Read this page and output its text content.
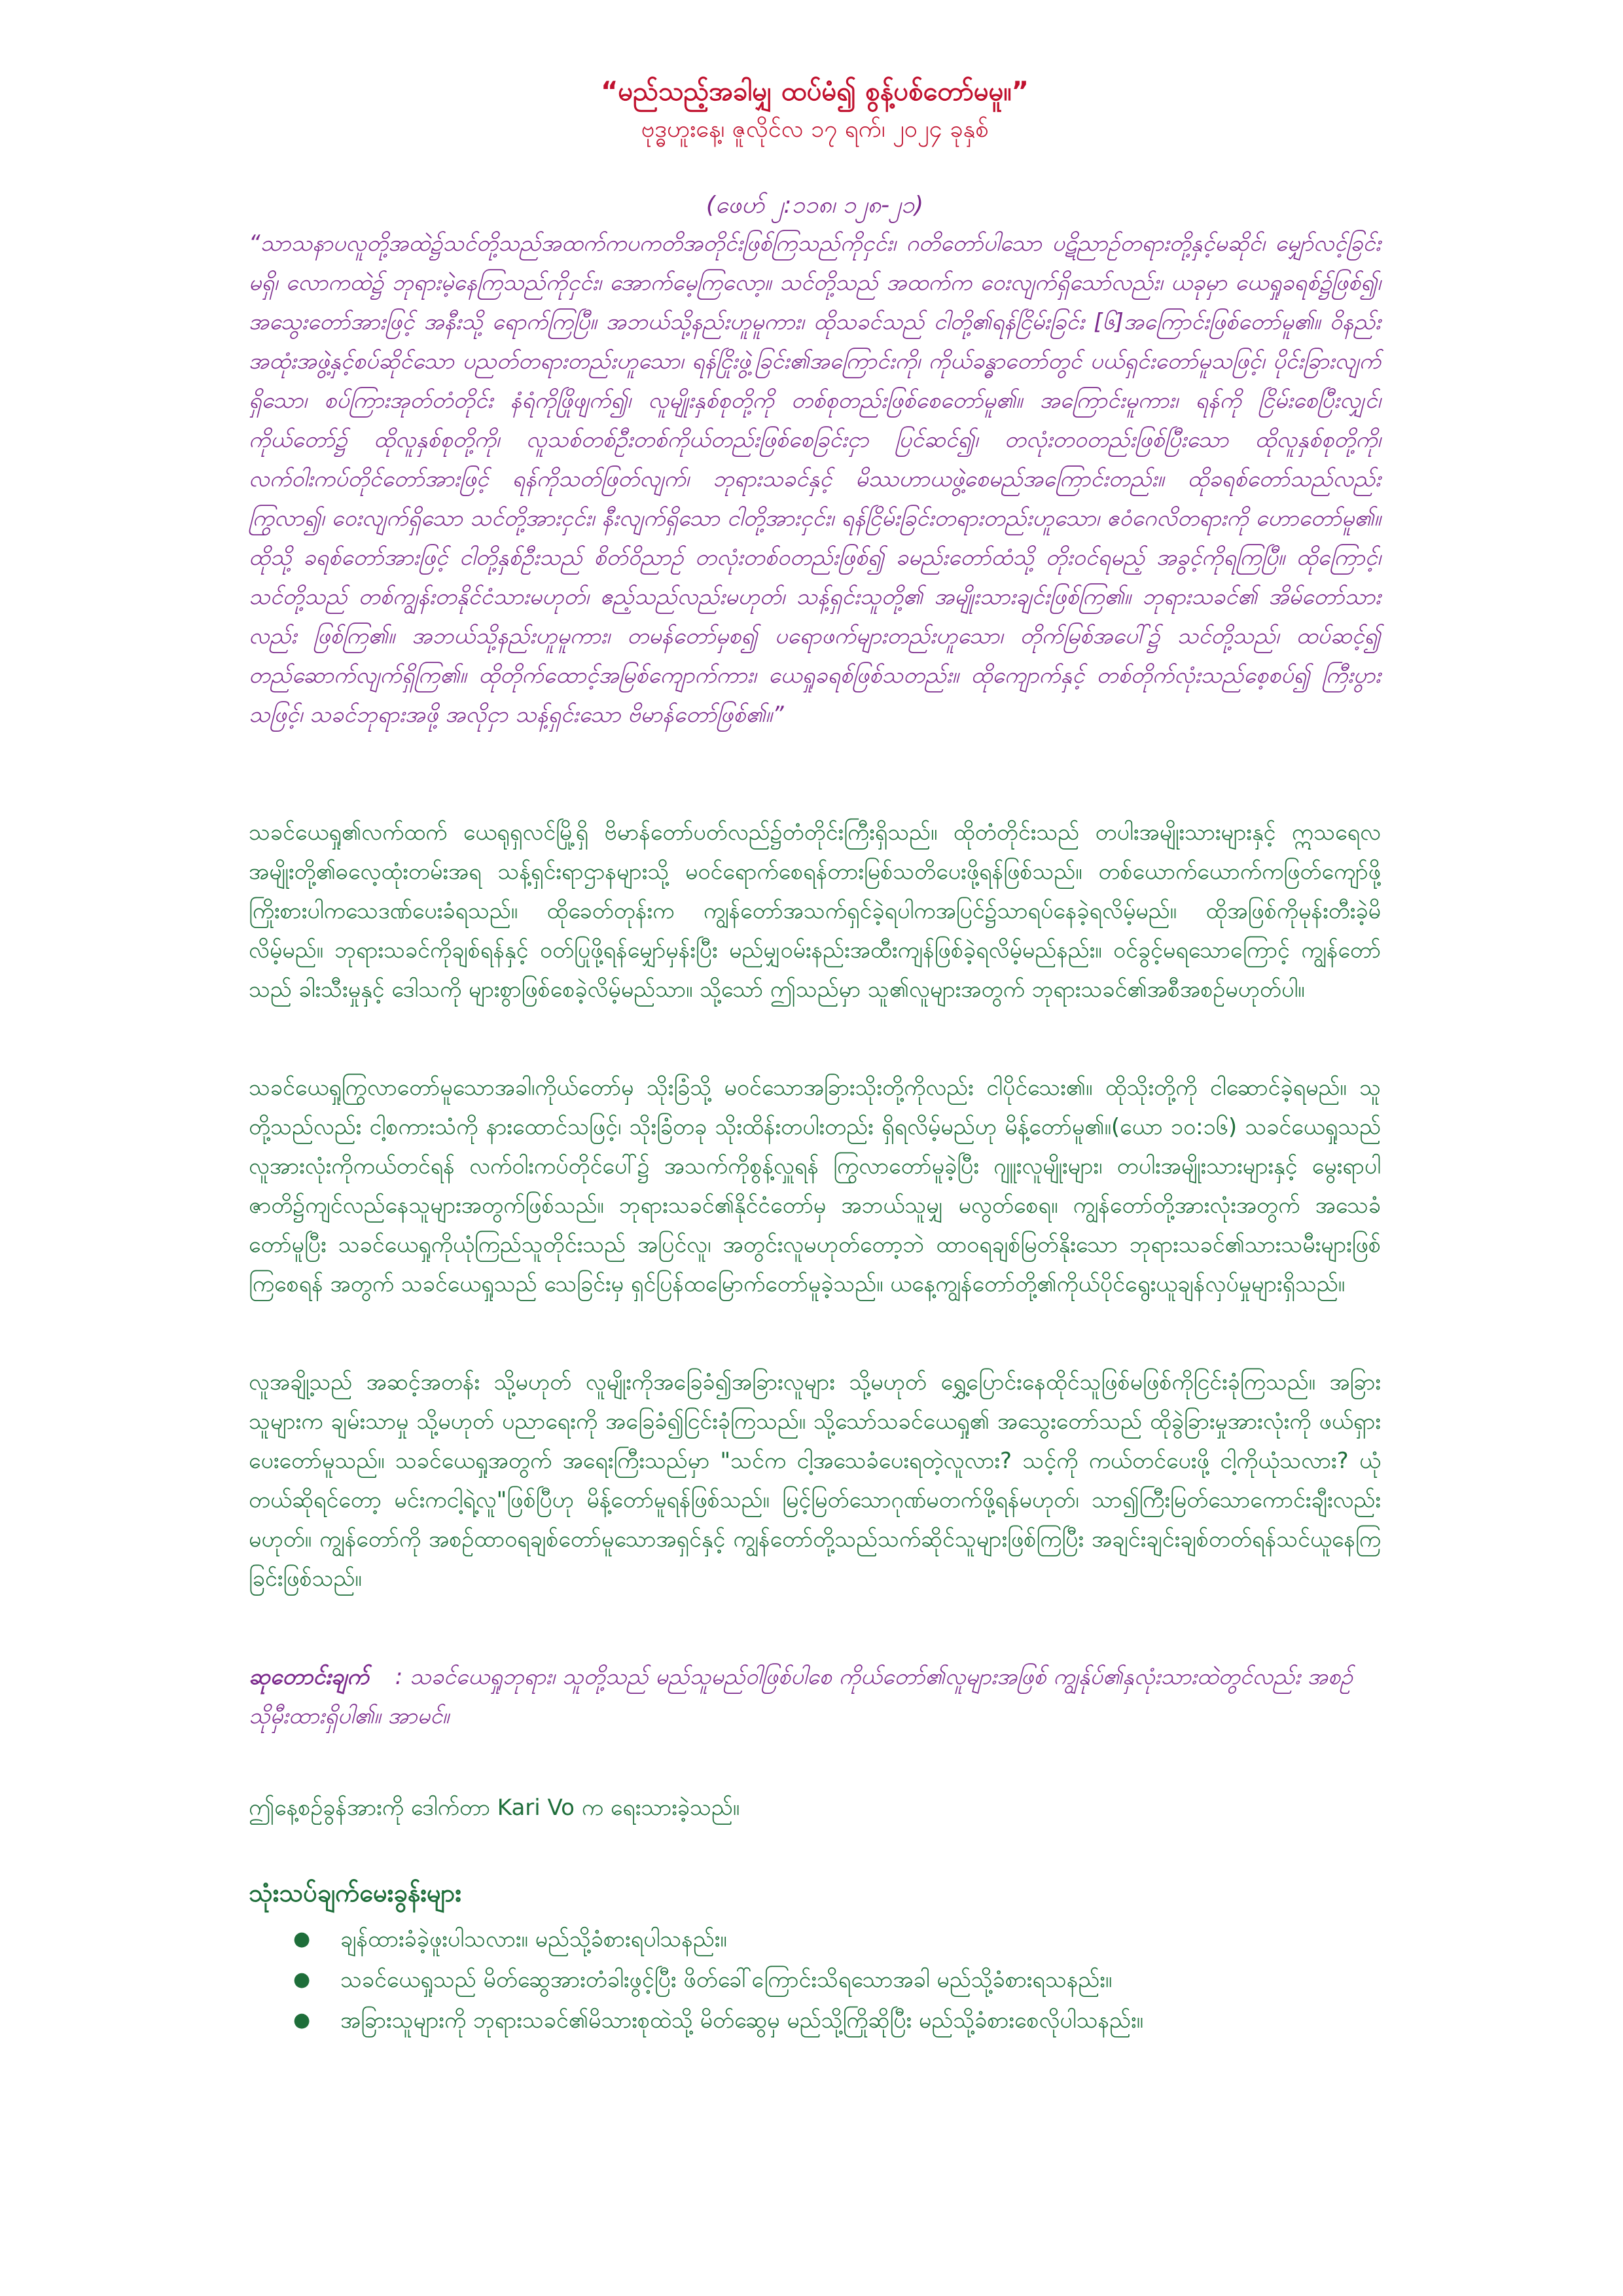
“မည်သည့်အခါမျှ ထပ်မံ၍ စွန့်ပစ်တော်မမူ။”

ဗုဒ္ဓဟူးနေ့၊ ဇူလိုင်လ ၁၇ ရက်၊ ၂၀၂၄ ခုနှစ်

(ဖေဟ် ၂:၁၁၈၊ ၁၂၈-၂၁)

“သာသနာပလူတို့အထဲ၌သင်တို့သည်အထက်ကပကတိအတိုင်းဖြစ်ကြသည်ကိုငှင်း၊ ဂတိတော်ပါသော ပဋိညာဉ်တရားတို့နှင့်မဆိုင်၊ မျှော်လင့်ခြင်းမရှိ၊ လောကထဲ၌ ဘုရားမဲ့နေကြသည်ကိုငှင်း၊ အောက်မေ့ကြလော့။ သင်တို့သည် အထက်က ဝေးလျက်ရှိသော်လည်း၊ ယခုမှာ ယေရှုခရစ်၌ဖြစ်၍၊ အသွေးတော်အားဖြင့် အနီးသို့ ရောက်ကြပြီ။ အဘယ်သို့နည်းဟူမူကား၊ ထိုသခင်သည် ငါတို့၏ရန်ငြိမ်းခြင်း [၆]အကြောင်းဖြစ်တော်မူ၏။ ဝိနည်းအထုံးအဖွဲ့နှင့်စပ်ဆိုင်သော ပညတ်တရားတည်းဟူသော၊ ရန်ငြိုးဖွဲ့ခြင်း၏အကြောင်းကို၊ ကိုယ်ခန္ဓာတော်တွင် ပယ်ရှင်းတော်မူသဖြင့်၊ ပိုင်းခြားလျက်ရှိသော၊ စပ်ကြားအုတ်တံတိုင်း နံရံကိုဖြိုဖျက်၍၊ လူမျိုးနှစ်စုတို့ကို တစ်စုတည်းဖြစ်စေတော်မူ၏။ အကြောင်းမူကား၊ ရန်ကို ငြိမ်းစေပြီးလျှင်၊ ကိုယ်တော်၌ ထိုလူနှစ်စုတို့ကို၊ လူသစ်တစ်ဦးတစ်ကိုယ်တည်းဖြစ်စေခြင်းငှာ ပြင်ဆင်၍၊ တလုံးတဝတည်းဖြစ်ပြီးသော ထိုလူနှစ်စုတို့ကို၊ လက်ဝါးကပ်တိုင်တော်အားဖြင့် ရန်ကိုသတ်ဖြတ်လျက်၊ ဘုရားသခင်နှင့် မိဿဟာယဖွဲ့စေမည်အကြောင်းတည်း။ ထိုခရစ်တော်သည်လည်း ကြွလာ၍၊ ဝေးလျက်ရှိသော သင်တို့အားငှင်း၊ နီးလျက်ရှိသော ငါတို့အားငှင်း၊ ရန်ငြိမ်းခြင်းတရားတည်းဟူသော၊ ဧဝံဂေလိတရားကို ဟောတော်မူ၏။ ထိုသို့ ခရစ်တော်အားဖြင့် ငါတို့နှစ်ဦးသည် စိတ်ဝိညာဉ် တလုံးတစ်ဝတည်းဖြစ်၍ ခမည်းတော်ထံသို့ တိုးဝင်ရမည့် အခွင့်ကိုရကြပြီ။ ထိုကြောင့်၊ သင်တို့သည် တစ်ကျွန်းတနိုင်ငံသားမဟုတ်၊ ဧည့်သည်လည်းမဟုတ်၊ သန့်ရှင်းသူတို့၏ အမျိုးသားချင်းဖြစ်ကြ၏။ ဘုရားသခင်၏ အိမ်တော်သားလည်း ဖြစ်ကြ၏။ အဘယ်သို့နည်းဟူမူကား၊ တမန်တော်မှစ၍ ပရောဖက်များတည်းဟူသော၊ တိုက်မြစ်အပေါ်၌ သင်တို့သည်၊ ထပ်ဆင့်၍ တည်ဆောက်လျက်ရှိကြ၏။ ထိုတိုက်ထောင့်အမြစ်ကျောက်ကား၊ ယေရှုခရစ်ဖြစ်သတည်း။ ထိုကျောက်နှင့် တစ်တိုက်လုံးသည်စေ့စပ်၍ ကြီးပွားသဖြင့်၊ သခင်ဘုရားအဖို့ အလိုငှာ သန့်ရှင်းသော ဗိမာန်တော်ဖြစ်၏။”

သခင်ယေရှု၏လက်ထက် ယေရုရှလင်မြို့ရှိ ဗိမာန်တော်ပတ်လည်၌တံတိုင်းကြီးရှိသည်။ ထိုတံတိုင်းသည် တပါးအမျိုးသားများနှင့် ဣသရေလအမျိုးတို့၏ဓလေ့ထုံးတမ်းအရ သန့်ရှင်းရာဌာနများသို့ မဝင်ရောက်စေရန်တားမြစ်သတိပေးဖို့ရန်ဖြစ်သည်။ တစ်ယောက်ယောက်ကဖြတ်ကျော်ဖို့ ကြိုးစားပါကသေဒဏ်ပေးခံရသည်။ ထိုခေတ်တုန်းက ကျွန်တော်အသက်ရှင်ခဲ့ရပါကအပြင်၌သာရပ်နေခဲ့ရလိမ့်မည်။ ထိုအဖြစ်ကိုမုန်းတီးခဲ့မိလိမ့်မည်။ ဘုရားသခင်ကိုချစ်ရန်နှင့် ဝတ်ပြုဖို့ရန်မျှော်မှန်းပြီး မည်မျှဝမ်းနည်းအထီးကျန်ဖြစ်ခဲ့ရလိမ့်မည်နည်း။ ဝင်ခွင့်မရသောကြောင့် ကျွန်တော်သည် ခါးသီးမှုနှင့် ဒေါသကို များစွာဖြစ်စေခဲ့လိမ့်မည်သာ။ သို့သော် ဤသည်မှာ သူ၏လူများအတွက် ဘုရားသခင်၏အစီအစဉ်မဟုတ်ပါ။

သခင်ယေရှုကြွလာတော်မူသောအခါ၊ကိုယ်တော်မှ သိုးခြံသို့ မဝင်သောအခြားသိုးတို့ကိုလည်း ငါပိုင်သေး၏။ ထိုသိုးတို့ကို ငါဆောင်ခဲ့ရမည်။ သူတို့သည်လည်း ငါ့စကားသံကို နားထောင်သဖြင့်၊ သိုးခြံတခု သိုးထိန်းတပါးတည်း ရှိရလိမ့်မည်ဟု မိန့်တော်မူ၏။(ယော ၁၀:၁၆) သခင်ယေရှုသည် လူအားလုံးကိုကယ်တင်ရန် လက်ဝါးကပ်တိုင်ပေါ်၌ အသက်ကိုစွန့်လှူရန် ကြွလာတော်မူခဲ့ပြီး ဂျူးလူမျိုးများ၊ တပါးအမျိုးသားများနှင့် မွေးရာပါဇာတိ၌ကျင်လည်နေသူများအတွက်ဖြစ်သည်။ ဘုရားသခင်၏နိုင်ငံတော်မှ အဘယ်သူမျှ မလွတ်စေရ။ ကျွန်တော်တို့အားလုံးအတွက် အသေခံတော်မူပြီး သခင်ယေရှုကိုယုံကြည်သူတိုင်းသည် အပြင်လူ၊ အတွင်းလူမဟုတ်တော့ဘဲ ထာဝရချစ်မြတ်နိုးသော ဘုရားသခင်၏သားသမီးများဖြစ်ကြစေရန် အတွက် သခင်ယေရှုသည် သေခြင်းမှ ရှင်ပြန်ထမြောက်တော်မူခဲ့သည်။ ယနေ့ကျွန်တော်တို့၏ကိုယ်ပိုင်ရွေးယူချန်လှပ်မှုများရှိသည်။

လူအချို့သည် အဆင့်အတန်း သို့မဟုတ် လူမျိုးကိုအခြေခံ၍အခြားလူများ သို့မဟုတ် ရွှေ့ပြောင်းနေထိုင်သူဖြစ်မဖြစ်ကိုငြင်းခုံကြသည်။ အခြားသူများက ချမ်းသာမှု သို့မဟုတ် ပညာရေးကို အခြေခံ၍ငြင်းခုံကြသည်။ သို့သော်သခင်ယေရှု၏ အသွေးတော်သည် ထိုခွဲခြားမှုအားလုံးကို ဖယ်ရှားပေးတော်မူသည်။ သခင်ယေရှုအတွက် အရေးကြီးသည်မှာ "သင်က ငါ့အသေခံပေးရတဲ့လူလား? သင့်ကို ကယ်တင်ပေးဖို့ ငါ့ကိုယုံသလား? ယုံတယ်ဆိုရင်တော့ မင်းကငါ့ရဲ့လူ"ဖြစ်ပြီဟု မိန့်တော်မူရန်ဖြစ်သည်။ မြင့်မြတ်သောဂုဏ်မတက်ဖို့ရန်မဟုတ်၊ သာ၍ကြီးမြတ်သောကောင်းချီးလည်းမဟုတ်။ ကျွန်တော်ကို အစဉ်ထာဝရချစ်တော်မူသောအရှင်နှင့် ကျွန်တော်တို့သည်သက်ဆိုင်သူများဖြစ်ကြပြီး အချင်းချင်းချစ်တတ်ရန်သင်ယူနေကြခြင်းဖြစ်သည်။

ဆုတောင်းချက် : သခင်ယေရှုဘုရား၊ သူတို့သည် မည်သူမည်ဝါဖြစ်ပါစေ ကိုယ်တော်၏လူများအဖြစ် ကျွန်ုပ်၏နှလုံးသားထဲတွင်လည်း အစဉ်သိုမှီးထားရှိပါ၏။ အာမင်။

ဤနေ့စဉ်ခွန်အားကို ဒေါက်တာ Kari Vo က ရေးသားခဲ့သည်။

သုံးသပ်ချက်မေးခွန်းများ
● ချန်ထားခံခဲ့ဖူးပါသလား။ မည်သို့ခံစားရပါသနည်း။
● သခင်ယေရှုသည် မိတ်ဆွေအားတံခါးဖွင့်ပြီး ဖိတ်ခေါ်ကြောင်းသိရသောအခါ မည်သို့ခံစားရသနည်း။
● အခြားသူများကို ဘုရားသခင်၏မိသားစုထဲသို့ မိတ်ဆွေမှ မည်သို့ကြိုဆိုပြီး မည်သို့ခံစားစေလိုပါသနည်း။
